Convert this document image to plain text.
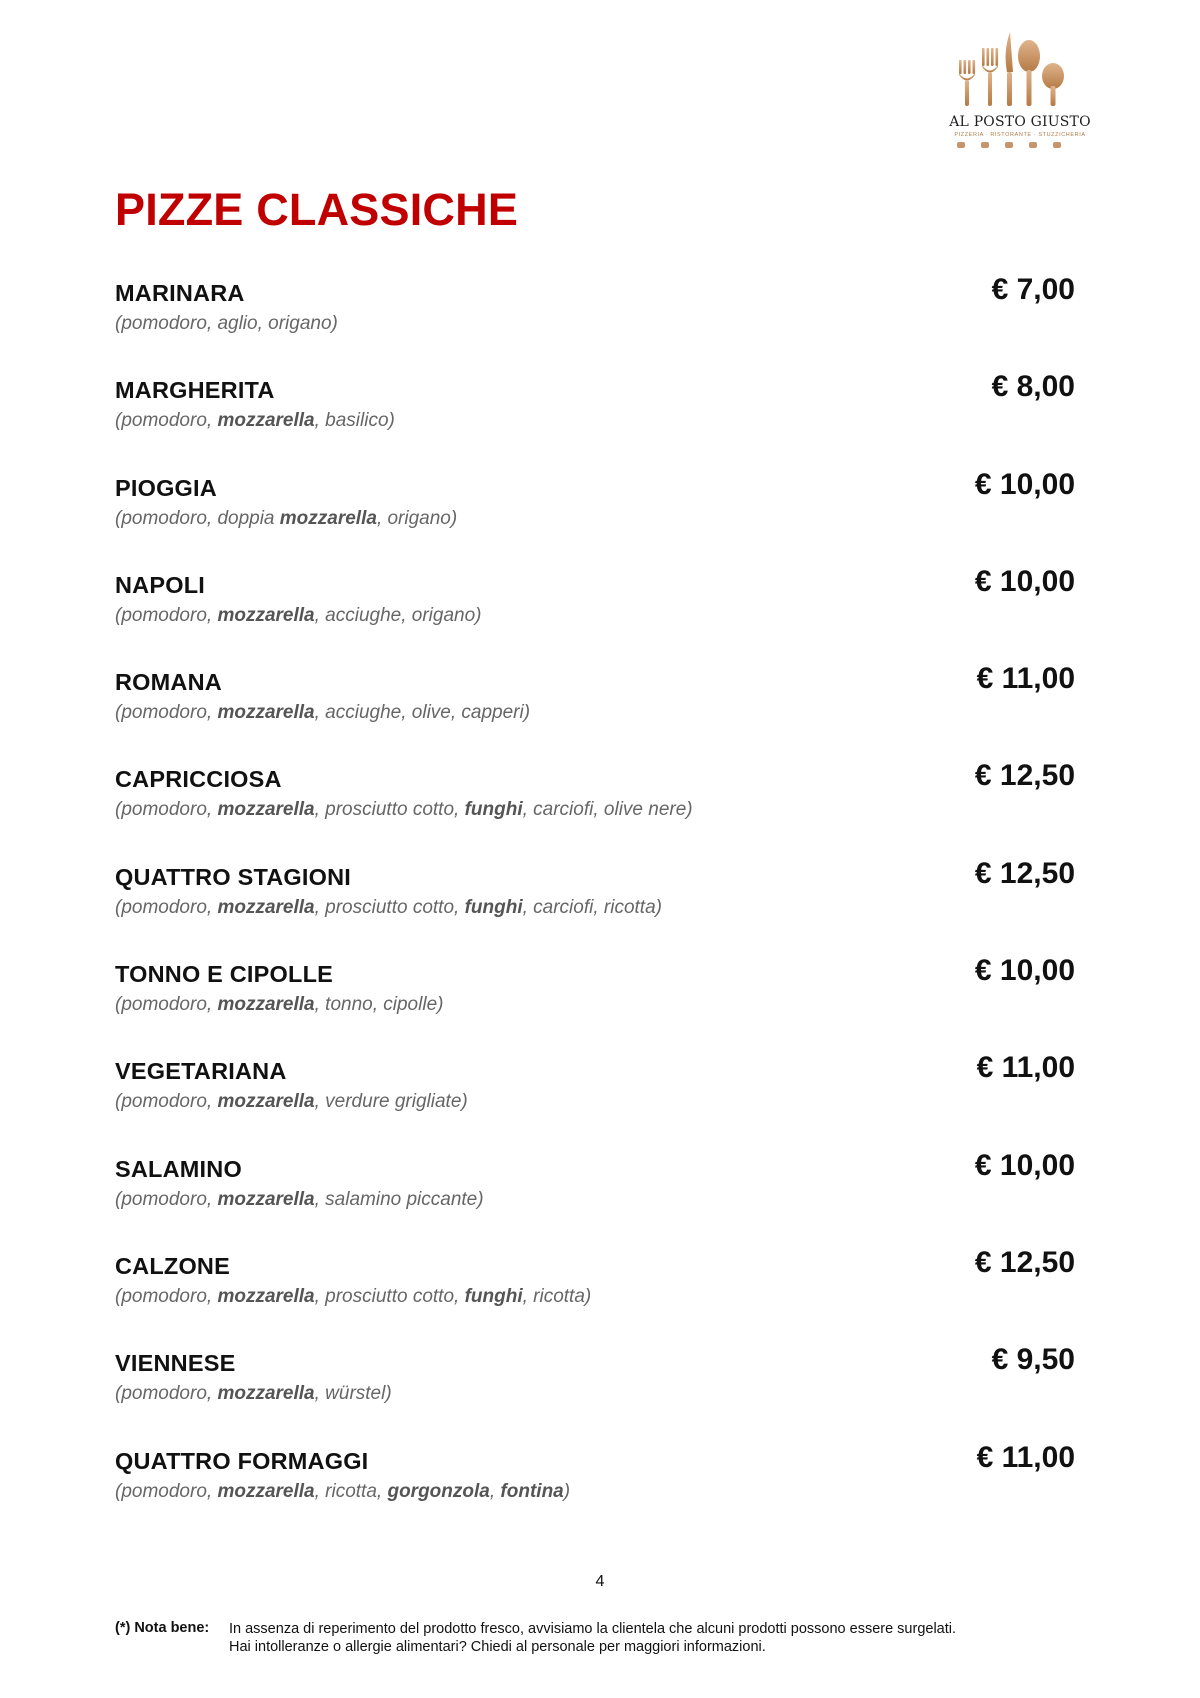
AL POSTO GIUSTO
PIZZERIA · RISTORANTE · STUZZICHERIA
PIZZE CLASSICHE
MARINARA
(pomodoro, aglio, origano)
€ 7,00
MARGHERITA
(pomodoro, mozzarella, basilico)
€ 8,00
PIOGGIA
(pomodoro, doppia mozzarella, origano)
€ 10,00
NAPOLI
(pomodoro, mozzarella, acciughe, origano)
€ 10,00
ROMANA
(pomodoro, mozzarella, acciughe, olive, capperi)
€ 11,00
CAPRICCIOSA
(pomodoro, mozzarella, prosciutto cotto, funghi, carciofi, olive nere)
€ 12,50
QUATTRO STAGIONI
(pomodoro, mozzarella, prosciutto cotto, funghi, carciofi, ricotta)
€ 12,50
TONNO E CIPOLLE
(pomodoro, mozzarella, tonno, cipolle)
€ 10,00
VEGETARIANA
(pomodoro, mozzarella, verdure grigliate)
€ 11,00
SALAMINO
(pomodoro, mozzarella, salamino piccante)
€ 10,00
CALZONE
(pomodoro, mozzarella, prosciutto cotto, funghi, ricotta)
€ 12,50
VIENNESE
(pomodoro, mozzarella, würstel)
€ 9,50
QUATTRO FORMAGGI
(pomodoro, mozzarella, ricotta, gorgonzola, fontina)
€ 11,00
4
(*) Nota bene: In assenza di reperimento del prodotto fresco, avvisiamo la clientela che alcuni prodotti possono essere surgelati.
Hai intolleranze o allergie alimentari? Chiedi al personale per maggiori informazioni.
